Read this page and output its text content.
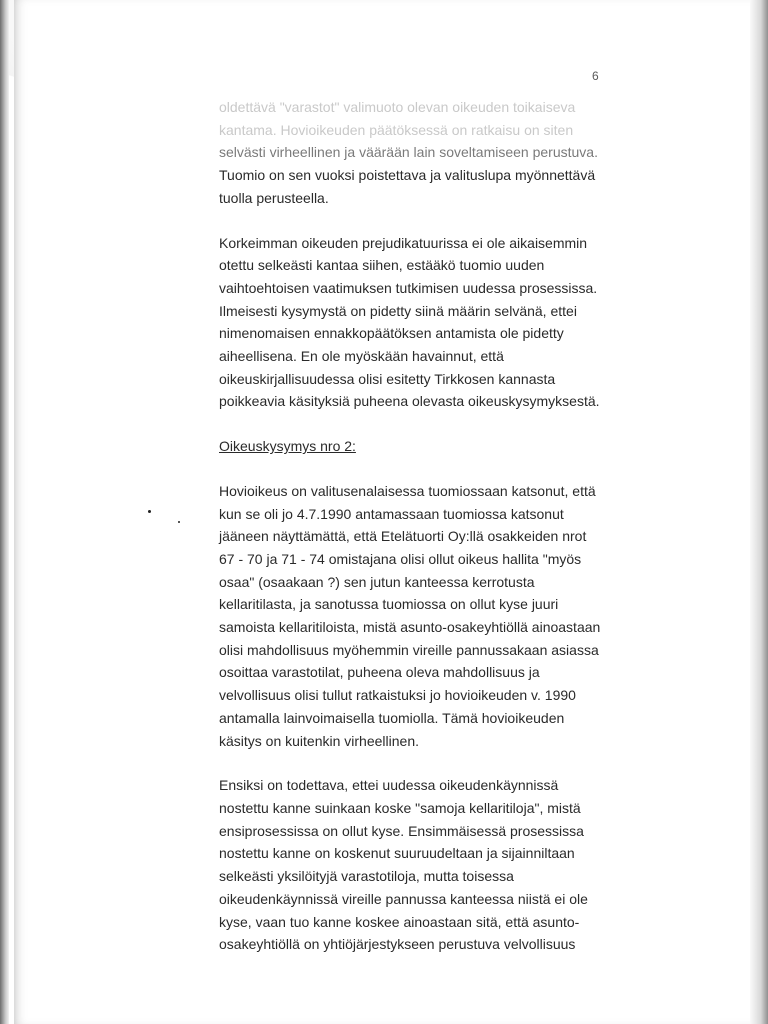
6
oldettävä "varastot" valimuoto olevan oikeuden toikaiseva
kantama. Hovioikeuden päätöksessä on ratkaisu on siten
selvästi virheellinen ja väärään lain soveltamiseen perustuva.
Tuomio on sen vuoksi poistettava ja valituslupa myönnettävä
tuolla perusteella.
Korkeimman oikeuden prejudikatuurissa ei ole aikaisemmin
otettu selkeästi kantaa siihen, estääkö tuomio uuden
vaihtoehtoisen vaatimuksen tutkimisen uudessa prosessissa.
Ilmeisesti kysymystä on pidetty siinä määrin selvänä, ettei
nimenomaisen ennakkopäätöksen antamista ole pidetty
aiheellisena. En ole myöskään havainnut, että
oikeuskirjallisuudessa olisi esitetty Tirkkosen kannasta
poikkeavia käsityksiä puheena olevasta oikeuskysymyksestä.
Oikeuskysymys nro 2:
Hovioikeus on valitusenalaisessa tuomiossaan katsonut, että
kun se oli jo 4.7.1990 antamassaan tuomiossa katsonut
jääneen näyttämättä, että Etelätuorti Oy:llä osakkeiden nrot
67 - 70 ja 71 - 74 omistajana olisi ollut oikeus hallita "myös
osaa" (osaakaan ?) sen jutun kanteessa kerrotusta
kellaritilasta, ja sanotussa tuomiossa on ollut kyse juuri
samoista kellaritiloista, mistä asunto-osakeyhtiöllä ainoastaan
olisi mahdollisuus myöhemmin vireille pannussakaan asiassa
osoittaa varastotilat, puheena oleva mahdollisuus ja
velvollisuus olisi tullut ratkaistuksi jo hovioikeuden v. 1990
antamalla lainvoimaisella tuomiolla. Tämä hovioikeuden
käsitys on kuitenkin virheellinen.
Ensiksi on todettava, ettei uudessa oikeudenkäynnissä
nostettu kanne suinkaan koske "samoja kellaritiloja", mistä
ensiprosessissa on ollut kyse. Ensimmäisessä prosessissa
nostettu kanne on koskenut suuruudeltaan ja sijainniltaan
selkeästi yksilöityjä varastotiloja, mutta toisessa
oikeudenkäynnissä vireille pannussa kanteessa niistä ei ole
kyse, vaan tuo kanne koskee ainoastaan sitä, että asunto-
osakeyhtiöllä on yhtiöjärjestykseen perustuva velvollisuus
